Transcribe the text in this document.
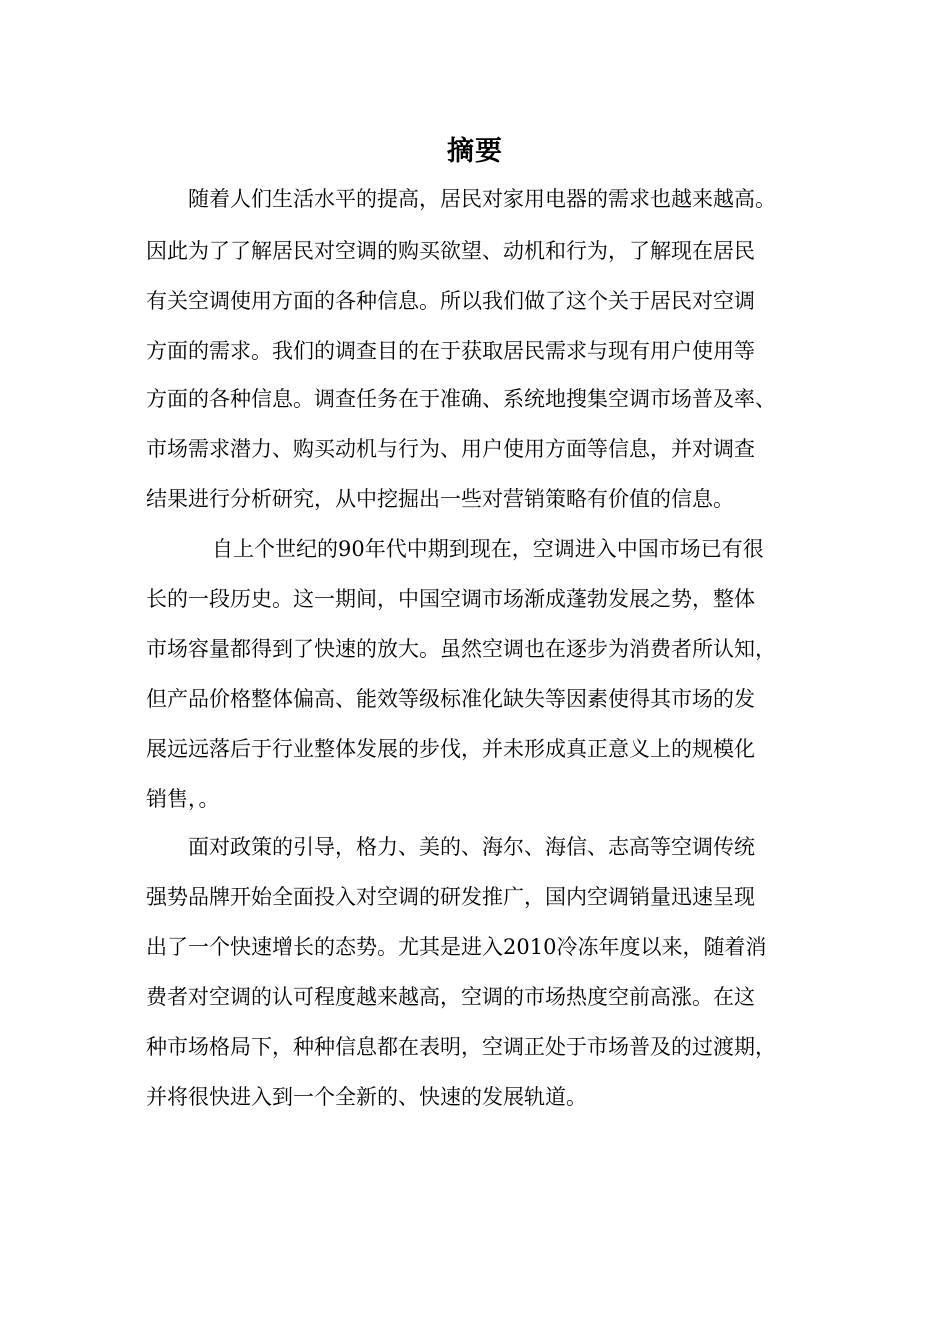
摘要
随着人们生活水平的提高，居民对家用电器的需求也越来越高。
因此为了了解居民对空调的购买欲望、动机和行为，了解现在居民
有关空调使用方面的各种信息。所以我们做了这个关于居民对空调
方面的需求。我们的调查目的在于获取居民需求与现有用户使用等
方面的各种信息。调查任务在于准确、系统地搜集空调市场普及率、
市场需求潜力、购买动机与行为、用户使用方面等信息，并对调查
结果进行分析研究，从中挖掘出一些对营销策略有价值的信息。
自上个世纪的90年代中期到现在，空调进入中国市场已有很
长的一段历史。这一期间，中国空调市场渐成蓬勃发展之势，整体
市场容量都得到了快速的放大。虽然空调也在逐步为消费者所认知，
但产品价格整体偏高、能效等级标准化缺失等因素使得其市场的发
展远远落后于行业整体发展的步伐，并未形成真正意义上的规模化
销售，。
面对政策的引导，格力、美的、海尔、海信、志高等空调传统
强势品牌开始全面投入对空调的研发推广，国内空调销量迅速呈现
出了一个快速增长的态势。尤其是进入2010冷冻年度以来，随着消
费者对空调的认可程度越来越高，空调的市场热度空前高涨。在这
种市场格局下，种种信息都在表明，空调正处于市场普及的过渡期，
并将很快进入到一个全新的、快速的发展轨道。
